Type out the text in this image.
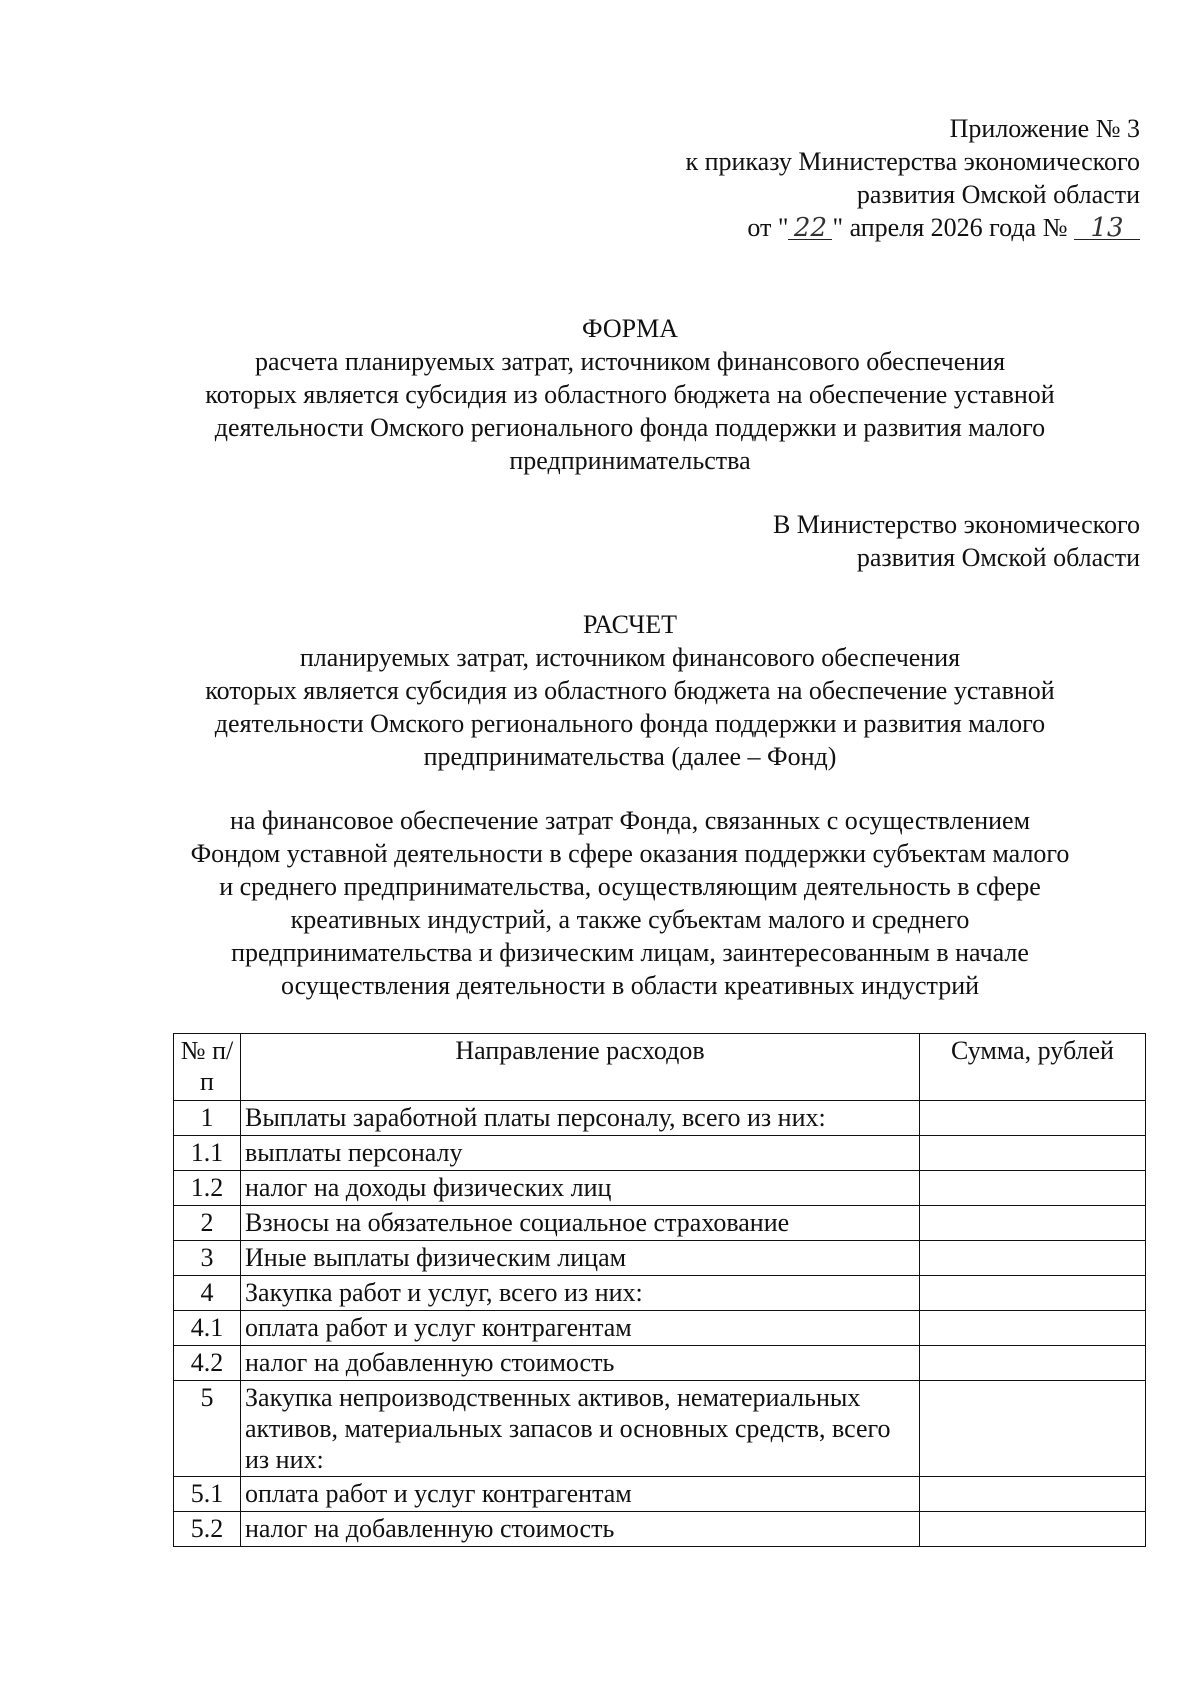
Приложение № 3
к приказу Министерства экономического
развития Омской области
от " 22 " апреля 2026 года № 13
ФОРМА
расчета планируемых затрат, источником финансового обеспечения
которых является субсидия из областного бюджета на обеспечение уставной
деятельности Омского регионального фонда поддержки и развития малого
предпринимательства
В Министерство экономического
развития Омской области
РАСЧЕТ
планируемых затрат, источником финансового обеспечения
которых является субсидия из областного бюджета на обеспечение уставной
деятельности Омского регионального фонда поддержки и развития малого
предпринимательства (далее – Фонд)
на финансовое обеспечение затрат Фонда, связанных с осуществлением
Фондом уставной деятельности в сфере оказания поддержки субъектам малого
и среднего предпринимательства, осуществляющим деятельность в сфере
креативных индустрий, а также субъектам малого и среднего
предпринимательства и физическим лицам, заинтересованным в начале
осуществления деятельности в области креативных индустрий
№ п/п	Направление расходов	Сумма, рублей
1	Выплаты заработной платы персоналу, всего из них:	
1.1	выплаты персоналу	
1.2	налог на доходы физических лиц	
2	Взносы на обязательное социальное страхование	
3	Иные выплаты физическим лицам	
4	Закупка работ и услуг, всего из них:	
4.1	оплата работ и услуг контрагентам	
4.2	налог на добавленную стоимость	
5	Закупка непроизводственных активов, нематериальных активов, материальных запасов и основных средств, всего из них:	
5.1	оплата работ и услуг контрагентам	
5.2	налог на добавленную стоимость	
